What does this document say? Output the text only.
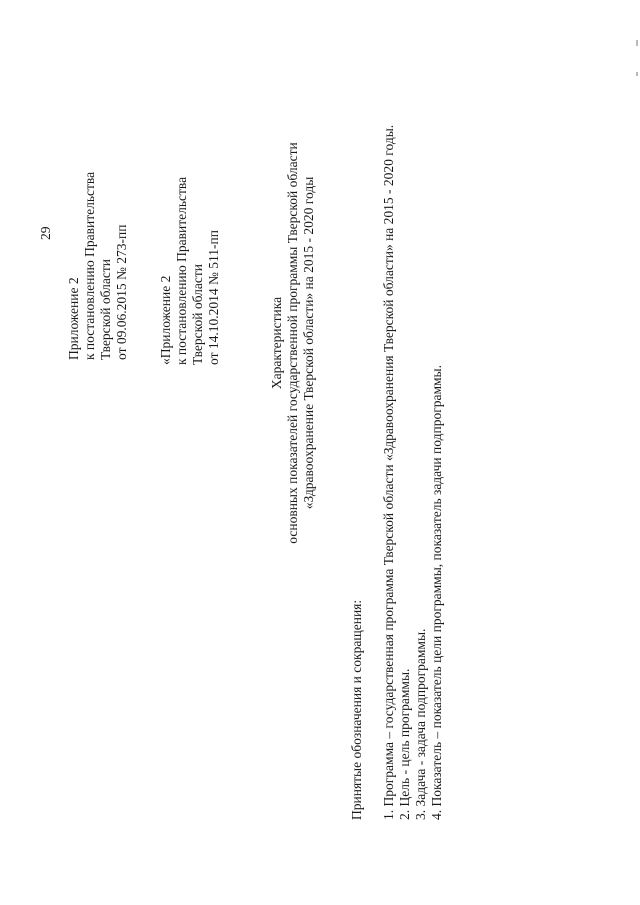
29
Приложение 2 к постановлению Правительства Тверской области от 09.06.2015 № 273-пп «Приложение 2 к постановлению Правительства Тверской области от 14.10.2014 № 511-пп	Характеристика основных показателей государственной программы Тверской области «Здравоохранение Тверской области» на 2015 - 2020 годы
Принятые обозначения и сокращения: 1. Программа – государственная программа Тверской области «Здравоохранения Тверской области» на 2015 - 2020 годы. 2. Цель - цель программы. 3. Задача - задача подпрограммы. 4. Показатель – показатель цели программы, показатель задачи подпрограммы.
